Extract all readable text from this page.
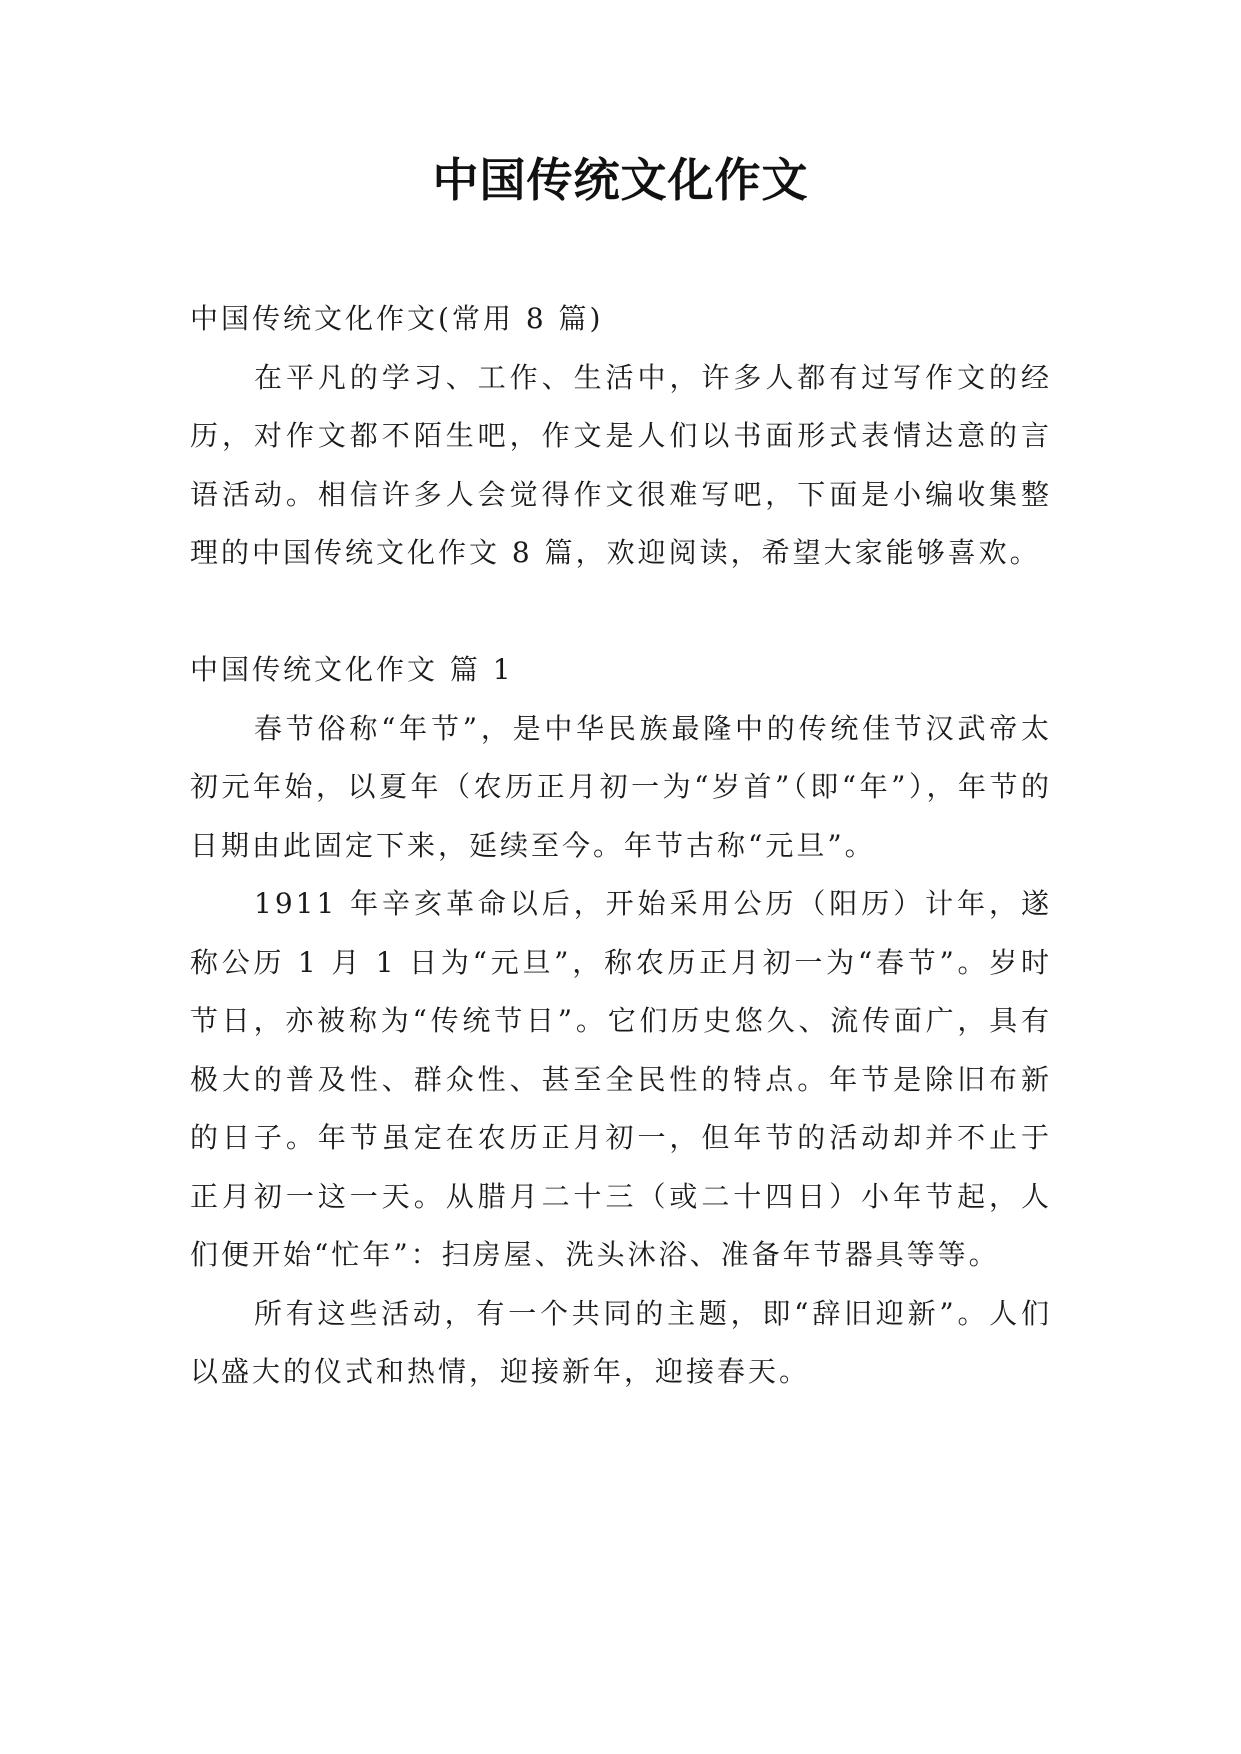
中国传统文化作文

中国传统文化作文(常用 8 篇)

在平凡的学习、工作、生活中，许多人都有过写作文的经历，对作文都不陌生吧，作文是人们以书面形式表情达意的言语活动。相信许多人会觉得作文很难写吧，下面是小编收集整理的中国传统文化作文 8 篇，欢迎阅读，希望大家能够喜欢。

中国传统文化作文 篇 1

春节俗称“年节”，是中华民族最隆中的传统佳节汉武帝太初元年始，以夏年（农历正月初一为“岁首”（即“年”），年节的日期由此固定下来，延续至今。年节古称“元旦”。

1911 年辛亥革命以后，开始采用公历（阳历）计年，遂称公历 1 月 1 日为“元旦”，称农历正月初一为“春节”。岁时节日，亦被称为“传统节日”。它们历史悠久、流传面广，具有极大的普及性、群众性、甚至全民性的特点。年节是除旧布新的日子。年节虽定在农历正月初一，但年节的活动却并不止于正月初一这一天。从腊月二十三（或二十四日）小年节起，人们便开始“忙年”：扫房屋、洗头沐浴、准备年节器具等等。

所有这些活动，有一个共同的主题，即“辞旧迎新”。人们以盛大的仪式和热情，迎接新年，迎接春天。
